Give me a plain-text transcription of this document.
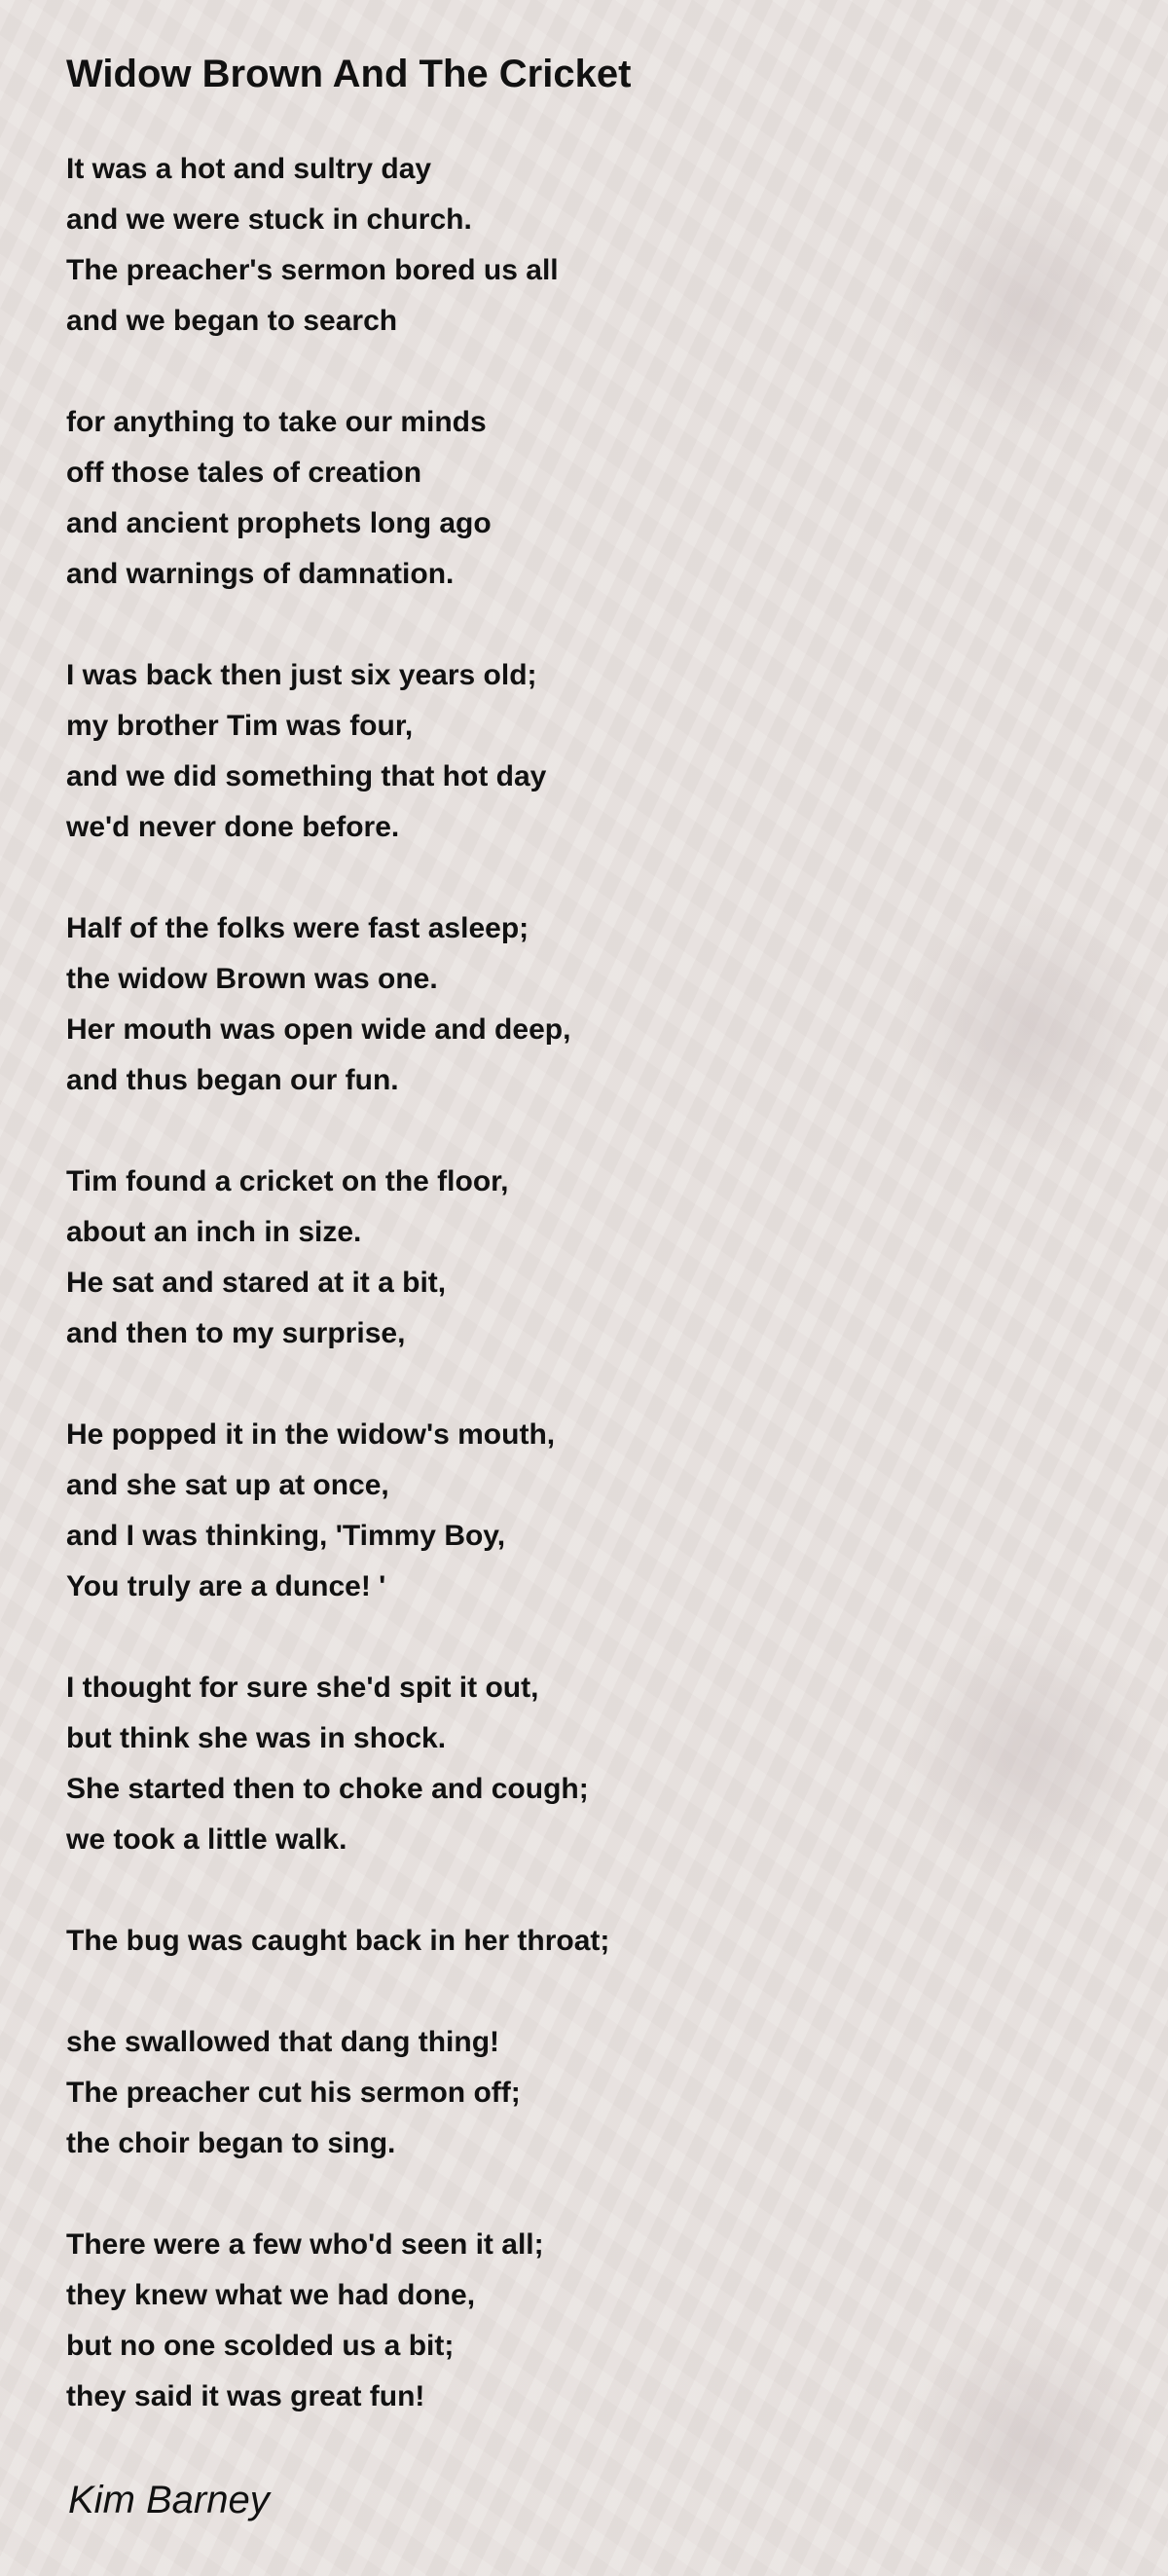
Widow Brown And The Cricket
It was a hot and sultry day
and we were stuck in church.
The preacher's sermon bored us all
and we began to search
for anything to take our minds
off those tales of creation
and ancient prophets long ago
and warnings of damnation.
I was back then just six years old;
my brother Tim was four,
and we did something that hot day
we'd never done before.
Half of the folks were fast asleep;
the widow Brown was one.
Her mouth was open wide and deep,
and thus began our fun.
Tim found a cricket on the floor,
about an inch in size.
He sat and stared at it a bit,
and then to my surprise,
He popped it in the widow's mouth,
and she sat up at once,
and I was thinking, 'Timmy Boy,
You truly are a dunce! '
I thought for sure she'd spit it out,
but think she was in shock.
She started then to choke and cough;
we took a little walk.
The bug was caught back in her throat;
she swallowed that dang thing!
The preacher cut his sermon off;
the choir began to sing.
There were a few who'd seen it all;
they knew what we had done,
but no one scolded us a bit;
they said it was great fun!
Kim Barney
